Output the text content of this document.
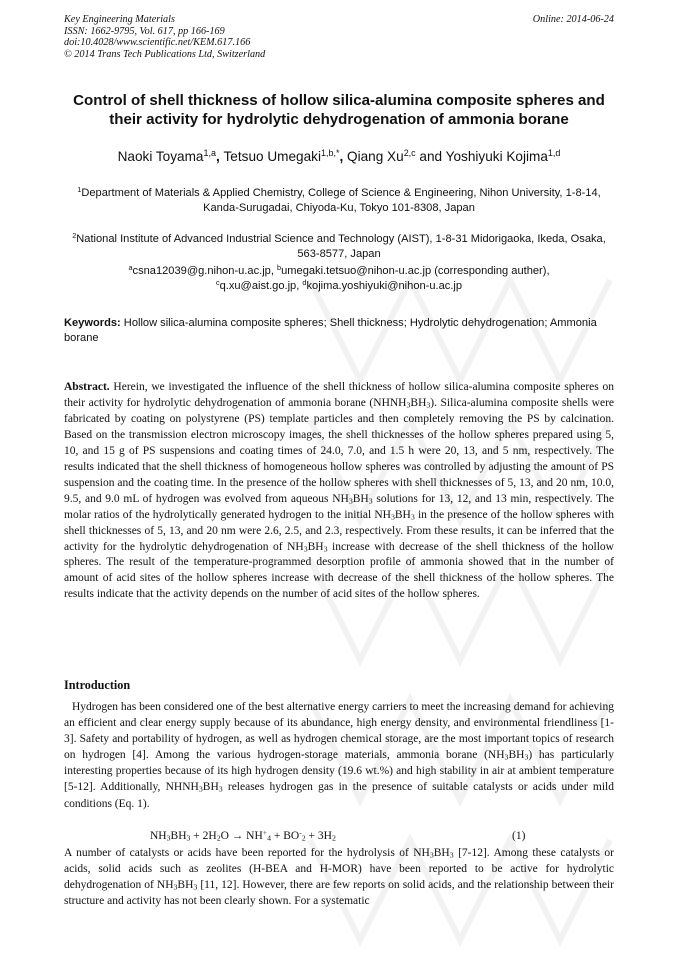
Key Engineering Materials
ISSN: 1662-9795, Vol. 617, pp 166-169
doi:10.4028/www.scientific.net/KEM.617.166
© 2014 Trans Tech Publications Ltd, Switzerland
Online: 2014-06-24
Control of shell thickness of hollow silica-alumina composite spheres and their activity for hydrolytic dehydrogenation of ammonia borane
Naoki Toyama$^{1,a}$, Tetsuo Umegaki$^{1,b,*}$, Qiang Xu$^{2,c}$ and Yoshiyuki Kojima$^{1,d}$
$^1$Department of Materials & Applied Chemistry, College of Science & Engineering, Nihon University, 1-8-14, Kanda-Surugadai, Chiyoda-Ku, Tokyo 101-8308, Japan
$^2$National Institute of Advanced Industrial Science and Technology (AIST), 1-8-31 Midorigaoka, Ikeda, Osaka, 563-8577, Japan
$^a$csna12039@g.nihon-u.ac.jp, $^b$umegaki.tetsuo@nihon-u.ac.jp (corresponding auther),
$^c$q.xu@aist.go.jp, $^d$kojima.yoshiyuki@nihon-u.ac.jp
Keywords: Hollow silica-alumina composite spheres; Shell thickness; Hydrolytic dehydrogenation; Ammonia borane
Abstract. Herein, we investigated the influence of the shell thickness of hollow silica-alumina composite spheres on their activity for hydrolytic dehydrogenation of ammonia borane $(NHNH_3BH_3)$. Silica-alumina composite shells were fabricated by coating on polystyrene (PS) template particles and then completely removing the PS by calcination. Based on the transmission electron microscopy images, the shell thicknesses of the hollow spheres prepared using 5, 10, and 15 g of PS suspensions and coating times of 24.0, 7.0, and 1.5 h were 20, 13, and 5 nm, respectively. The results indicated that the shell thickness of homogeneous hollow spheres was controlled by adjusting the amount of PS suspension and the coating time. In the presence of the hollow spheres with shell thicknesses of 5, 13, and 20 nm, 10.0, 9.5, and 9.0 mL of hydrogen was evolved from aqueous $NH_3BH_3$ solutions for 13, 12, and 13 min, respectively. The molar ratios of the hydrolytically generated hydrogen to the initial $NH_3BH_3$ in the presence of the hollow spheres with shell thicknesses of 5, 13, and 20 nm were 2.6, 2.5, and 2.3, respectively. From these results, it can be inferred that the activity for the hydrolytic dehydrogenation of $NH_3BH_3$ increase with decrease of the shell thickness of the hollow spheres. The result of the temperature-programmed desorption profile of ammonia showed that in the number of amount of acid sites of the hollow spheres increase with decrease of the shell thickness of the hollow spheres. The results indicate that the activity depends on the number of acid sites of the hollow spheres.
Introduction
Hydrogen has been considered one of the best alternative energy carriers to meet the increasing demand for achieving an efficient and clear energy supply because of its abundance, high energy density, and environmental friendliness [1-3]. Safety and portability of hydrogen, as well as hydrogen chemical storage, are the most important topics of research on hydrogen [4]. Among the various hydrogen-storage materials, ammonia borane $(NH_3BH_3)$ has particularly interesting properties because of its high hydrogen density (19.6 wt.%) and high stability in air at ambient temperature [5-12]. Additionally, $NHNH_3BH_3$ releases hydrogen gas in the presence of suitable catalysts or acids under mild conditions (Eq. 1).
$NH_3BH_3 + 2H_2O \to NH^+_4 + BO^-_2 + 3H_2$	(1)
A number of catalysts or acids have been reported for the hydrolysis of $NH_3BH_3$ [7-12]. Among these catalysts or acids, solid acids such as zeolites (H-BEA and H-MOR) have been reported to be active for hydrolytic dehydrogenation of $NH_3BH_3$ [11, 12]. However, there are few reports on solid acids, and the relationship between their structure and activity has not been clearly shown. For a systematic
